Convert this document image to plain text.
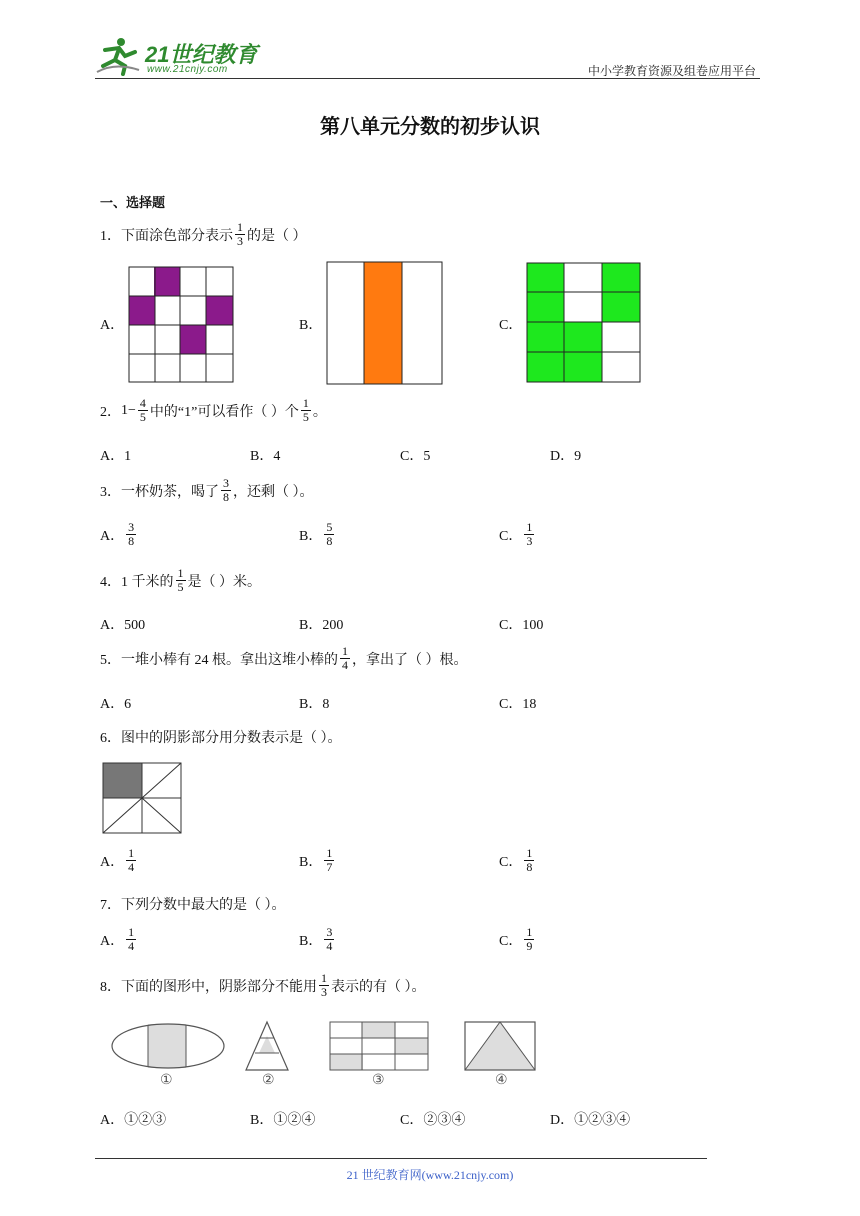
21世纪教育
www.21cnjy.com	中小学教育资源及组卷应用平台
第八单元分数的初步认识
一、选择题
1． 下面涂色部分表示 $\frac{1}{3}$ 的是（ ）
A．	B．	C．
2． $1- \frac{4}{5}$ 中的“1”可以看作（ ）个 $\frac{1}{5}$ 。
A．1	B．4	C．5	D．9
3． 一杯奶茶，喝了 $\frac{3}{8}$ ，还剩（ ）。
A． $\frac{3}{8}$	B． $\frac{5}{8}$	C． $\frac{1}{3}$
4． 1 千米的 $\frac{1}{5}$ 是（ ）米。
A．500	B．200	C．100
5． 一堆小棒有 24 根。拿出这堆小棒的 $\frac{1}{4}$ ，拿出了（ ）根。
A．6	B．8	C．18
6． 图中的阴影部分用分数表示是（ ）。
A． $\frac{1}{4}$	B． $\frac{1}{7}$	C． $\frac{1}{8}$
7． 下列分数中最大的是（ ）。
A． $\frac{1}{4}$	B． $\frac{3}{4}$	C． $\frac{1}{9}$
8． 下面的图形中，阴影部分不能用 $\frac{1}{3}$ 表示的有（ ）。
①	②	③	④
A．①②③	B．①②④	C．②③④	D．①②③④
21 世纪教育网(www.21cnjy.com)
